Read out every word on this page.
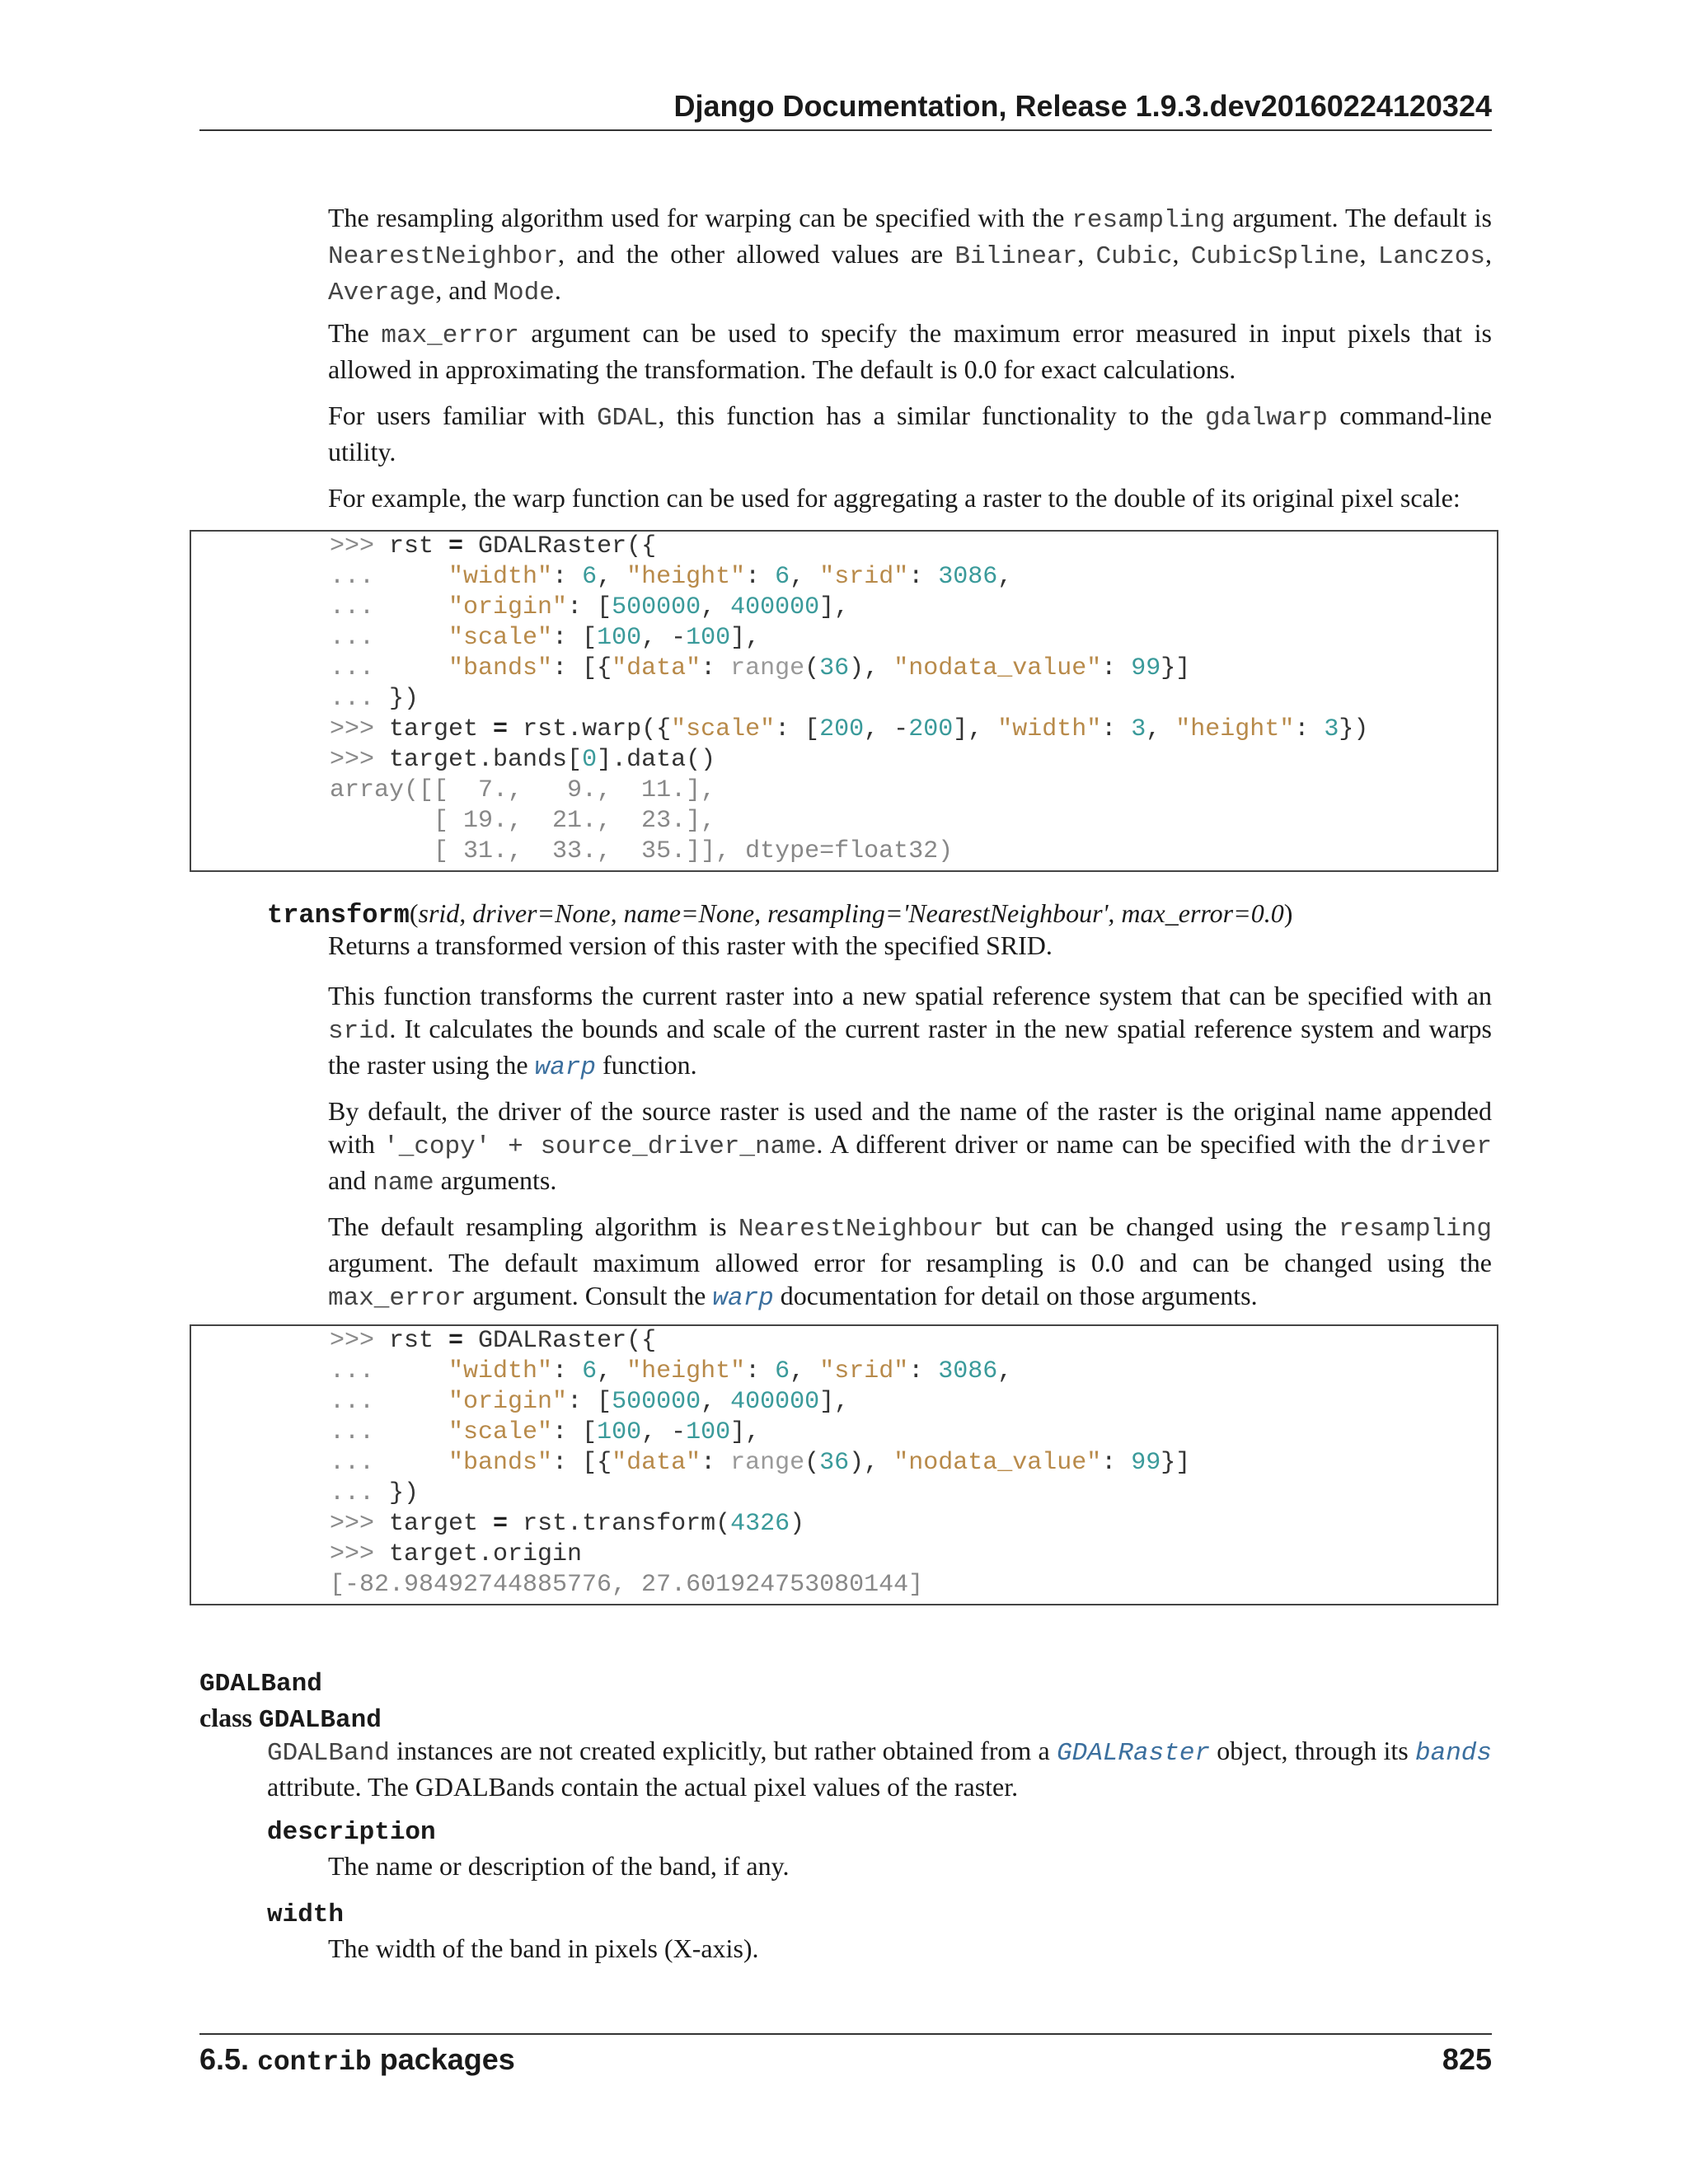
Django Documentation, Release 1.9.3.dev20160224120324

The resampling algorithm used for warping can be specified with the resampling argument. The default is NearestNeighbor, and the other allowed values are Bilinear, Cubic, CubicSpline, Lanczos, Average, and Mode.

The max_error argument can be used to specify the maximum error measured in input pixels that is allowed in approximating the transformation. The default is 0.0 for exact calculations.

For users familiar with GDAL, this function has a similar functionality to the gdalwarp command-line utility.

For example, the warp function can be used for aggregating a raster to the double of its original pixel scale:

>>> rst = GDALRaster({
...	"width": 6, "height": 6, "srid": 3086,
...	"origin": [500000, 400000],
...	"scale": [100, -100],
...	"bands": [{"data": range(36), "nodata_value": 99}]
... })
>>> target = rst.warp({"scale": [200, -200], "width": 3, "height": 3})
>>> target.bands[0].data()
array([[  7.,   9.,  11.],
[ 19.,  21.,  23.],
[ 31.,  33.,  35.]], dtype=float32)
transform(srid, driver=None, name=None, resampling='NearestNeighbour', max_error=0.0)

Returns a transformed version of this raster with the specified SRID.

This function transforms the current raster into a new spatial reference system that can be specified with an srid. It calculates the bounds and scale of the current raster in the new spatial reference system and warps the raster using the warp function.

By default, the driver of the source raster is used and the name of the raster is the original name appended with '_copy' + source_driver_name. A different driver or name can be specified with the driver and name arguments.

The default resampling algorithm is NearestNeighbour but can be changed using the resampling argument. The default maximum allowed error for resampling is 0.0 and can be changed using the max_error argument. Consult the warp documentation for detail on those arguments.

>>> rst = GDALRaster({
...	"width": 6, "height": 6, "srid": 3086,
...	"origin": [500000, 400000],
...	"scale": [100, -100],
...	"bands": [{"data": range(36), "nodata_value": 99}]
... })
>>> target = rst.transform(4326)
>>> target.origin
[-82.98492744885776, 27.601924753080144]
GDALBand
class GDALBand

GDALBand instances are not created explicitly, but rather obtained from a GDALRaster object, through its bands attribute. The GDALBands contain the actual pixel values of the raster.

description

The name or description of the band, if any.

width

The width of the band in pixels (X-axis).

6.5. contrib packages	825
